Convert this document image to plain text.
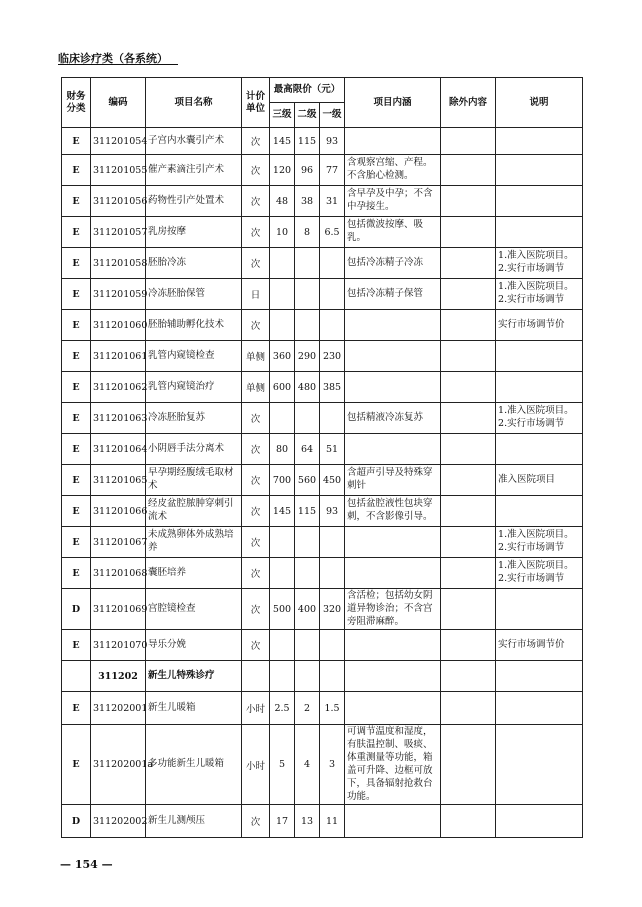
临床诊疗类（各系统）
财务分类	编码	项目名称	计价单位	最高限价（元）			项目内涵	除外内容	说明
				三级	二级	一级			
E	311201054	子宫内水囊引产术	次	145	115	93			
E	311201055	催产素滴注引产术	次	120	96	77	含观察宫缩、产程。不含胎心检测。		
E	311201056	药物性引产处置术	次	48	38	31	含早孕及中孕；不含中孕接生。		
E	311201057	乳房按摩	次	10	8	6.5	包括微波按摩、吸乳。		
E	311201058	胚胎冷冻	次				包括冷冻精子冷冻		1.准入医院项目。
2.实行市场调节
E	311201059	冷冻胚胎保管	日				包括冷冻精子保管		1.准入医院项目。
2.实行市场调节
E	311201060	胚胎辅助孵化技术	次						实行市场调节价
E	311201061	乳管内窥镜检查	单侧	360	290	230			
E	311201062	乳管内窥镜治疗	单侧	600	480	385			
E	311201063	冷冻胚胎复苏	次				包括精液冷冻复苏		1.准入医院项目。
2.实行市场调节
E	311201064	小阴唇手法分离术	次	80	64	51			
E	311201065	早孕期经腹绒毛取材术	次	700	560	450	含超声引导及特殊穿刺针		准入医院项目
E	311201066	经皮盆腔脓肿穿刺引流术	次	145	115	93	包括盆腔液性包块穿刺，不含影像引导。		
E	311201067	未成熟卵体外成熟培养	次						1.准入医院项目。
2.实行市场调节
E	311201068	囊胚培养	次						1.准入医院项目。
2.实行市场调节
D	311201069	宫腔镜检查	次	500	400	320	含活检；包括幼女阴道异物诊治；不含宫旁阻滞麻醉。		
E	311201070	导乐分娩	次						实行市场调节价
	311202	新生儿特殊诊疗							
E	311202001	新生儿暖箱	小时	2.5	2	1.5			
E	311202001a	多功能新生儿暖箱	小时	5	4	3	可调节温度和湿度，有肤温控制、吸痰、体重测量等功能，箱盖可升降、边框可放下，具备辐射抢救台功能。		
D	311202002	新生儿测颅压	次	17	13	11			
— 154 —
